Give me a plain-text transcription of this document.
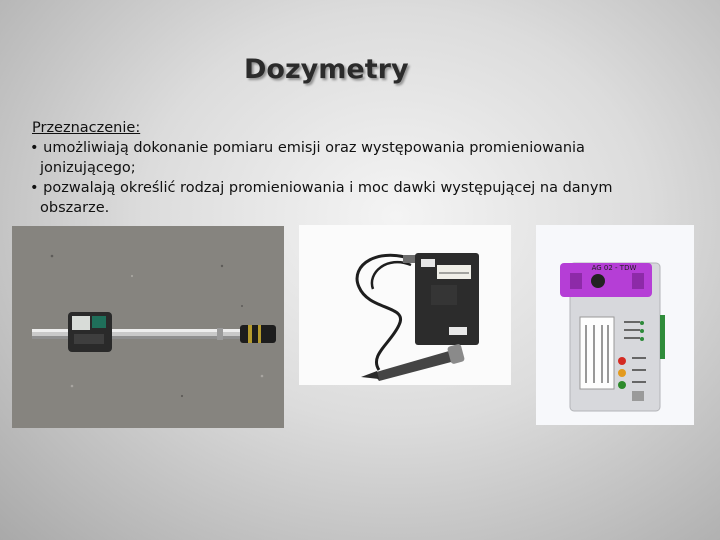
Dozymetry
Przeznaczenie:
• umożliwiają dokonanie pomiaru emisji oraz występowania promieniowania jonizującego;
• pozwalają określić rodzaj promieniowania i moc dawki występującej na danym obszarze.
AG 02 - TDW
